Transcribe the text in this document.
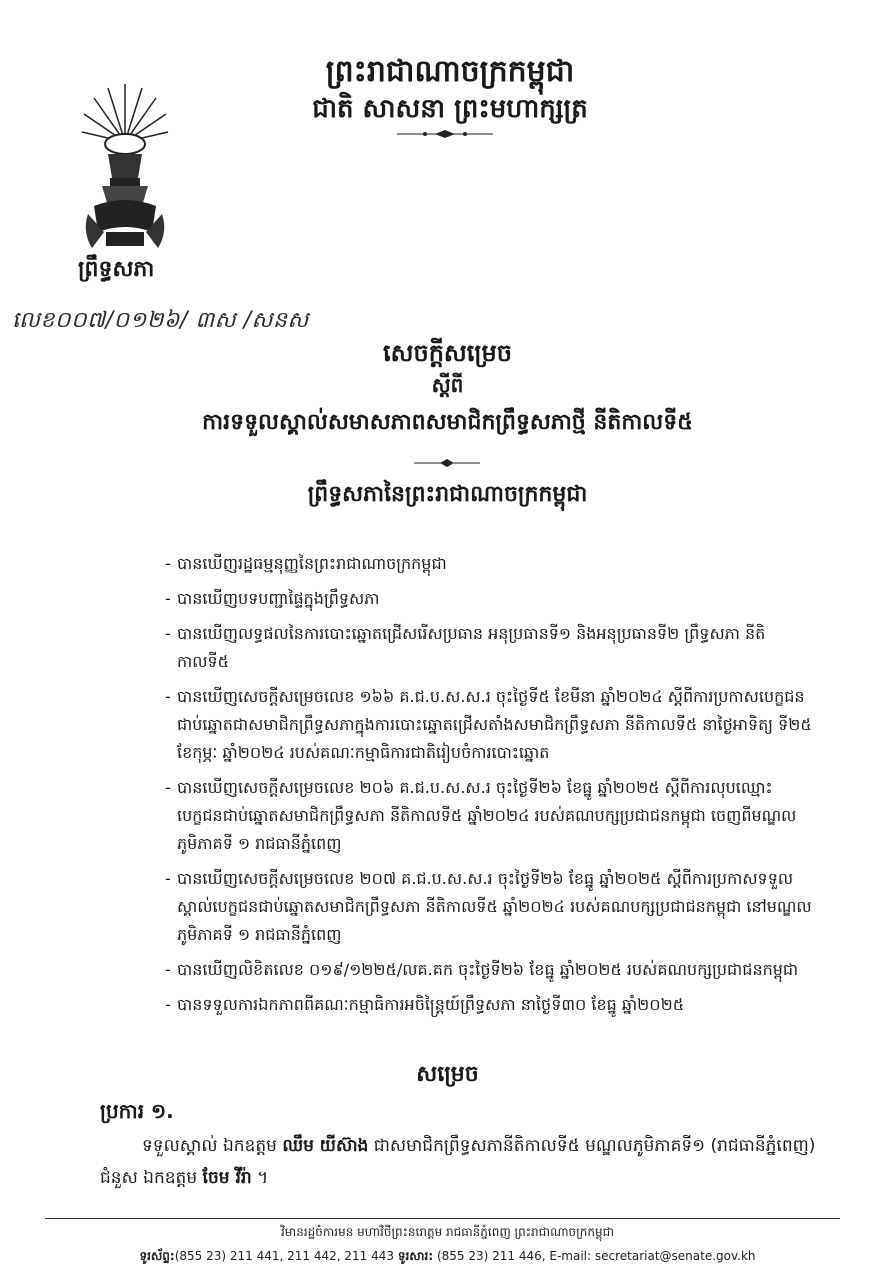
ព្រះរាជាណាចក្រកម្ពុជា
ជាតិ សាសនា ព្រះមហាក្សត្រ
ព្រឹទ្ធសភា
លេខ០០៧/០១២៦/ ៣ស /សនស
សេចក្ដីសម្រេច
ស្ដីពី
ការទទួលស្គាល់សមាសភាពសមាជិកព្រឹទ្ធសភាថ្មី នីតិកាលទី៥
ព្រឹទ្ធសភានៃព្រះរាជាណាចក្រកម្ពុជា
- បានឃើញរដ្ឋធម្មនុញ្ញនៃព្រះរាជាណាចក្រកម្ពុជា
- បានឃើញបទបញ្ជាផ្ទៃក្នុងព្រឹទ្ធសភា
- បានឃើញលទ្ធផលនៃការបោះឆ្នោតជ្រើសរើសប្រធាន អនុប្រធានទី១ និងអនុប្រធានទី២ ព្រឹទ្ធសភា នីតិកាលទី៥
- បានឃើញសេចក្ដីសម្រេចលេខ ១៦៦ គ.ជ.ប.ស.ស.រ ចុះថ្ងៃទី៥ ខែមីនា ឆ្នាំ២០២៤ ស្ដីពីការប្រកាសបេក្ខជនជាប់ឆ្នោតជាសមាជិកព្រឹទ្ធសភាក្នុងការបោះឆ្នោតជ្រើសតាំងសមាជិកព្រឹទ្ធសភា នីតិកាលទី៥ នាថ្ងៃអាទិត្យ ទី២៥ ខែកុម្ភៈ ឆ្នាំ២០២៤ របស់គណៈកម្មាធិការជាតិរៀបចំការបោះឆ្នោត
- បានឃើញសេចក្ដីសម្រេចលេខ ២០៦ គ.ជ.ប.ស.ស.រ ចុះថ្ងៃទី២៦ ខែធ្នូ ឆ្នាំ២០២៥ ស្ដីពីការលុបឈ្មោះបេក្ខជនជាប់ឆ្នោតសមាជិកព្រឹទ្ធសភា នីតិកាលទី៥ ឆ្នាំ២០២៤ របស់គណបក្សប្រជាជនកម្ពុជា ចេញពីមណ្ឌលភូមិភាគទី ១ រាជធានីភ្នំពេញ
- បានឃើញសេចក្ដីសម្រេចលេខ ២០៧ គ.ជ.ប.ស.ស.រ ចុះថ្ងៃទី២៦ ខែធ្នូ ឆ្នាំ២០២៥ ស្ដីពីការប្រកាសទទួលស្គាល់បេក្ខជនជាប់ឆ្នោតសមាជិកព្រឹទ្ធសភា នីតិកាលទី៥ ឆ្នាំ២០២៤ របស់គណបក្សប្រជាជនកម្ពុជា នៅមណ្ឌលភូមិភាគទី ១ រាជធានីភ្នំពេញ
- បានឃើញលិខិតលេខ ០១៩/១២២៥/លគ.គក ចុះថ្ងៃទី២៦ ខែធ្នូ ឆ្នាំ២០២៥ របស់គណបក្សប្រជាជនកម្ពុជា
- បានទទួលការឯកភាពពីគណៈកម្មាធិការអចិន្ត្រៃយ៍ព្រឹទ្ធសភា នាថ្ងៃទី៣០ ខែធ្នូ ឆ្នាំ២០២៥
សម្រេច
ប្រការ ១.
ទទួលស្គាល់ ឯកឧត្ដម ឈឹម យីស៊ាង ជាសមាជិកព្រឹទ្ធសភានីតិកាលទី៥ មណ្ឌលភូមិភាគទី១ (រាជធានីភ្នំពេញ) ជំនួស ឯកឧត្ដម ចែម វីរ៉ា ។
វិមានរដ្ឋចំការមន មហាវិថីព្រះនរោត្តម រាជធានីភ្នំពេញ ព្រះរាជាណាចក្រកម្ពុជា
ទូរស័ព្ទ:(855 23) 211 441, 211 442, 211 443 ទូរសារ: (855 23) 211 446, E-mail: secretariat@senate.gov.kh
